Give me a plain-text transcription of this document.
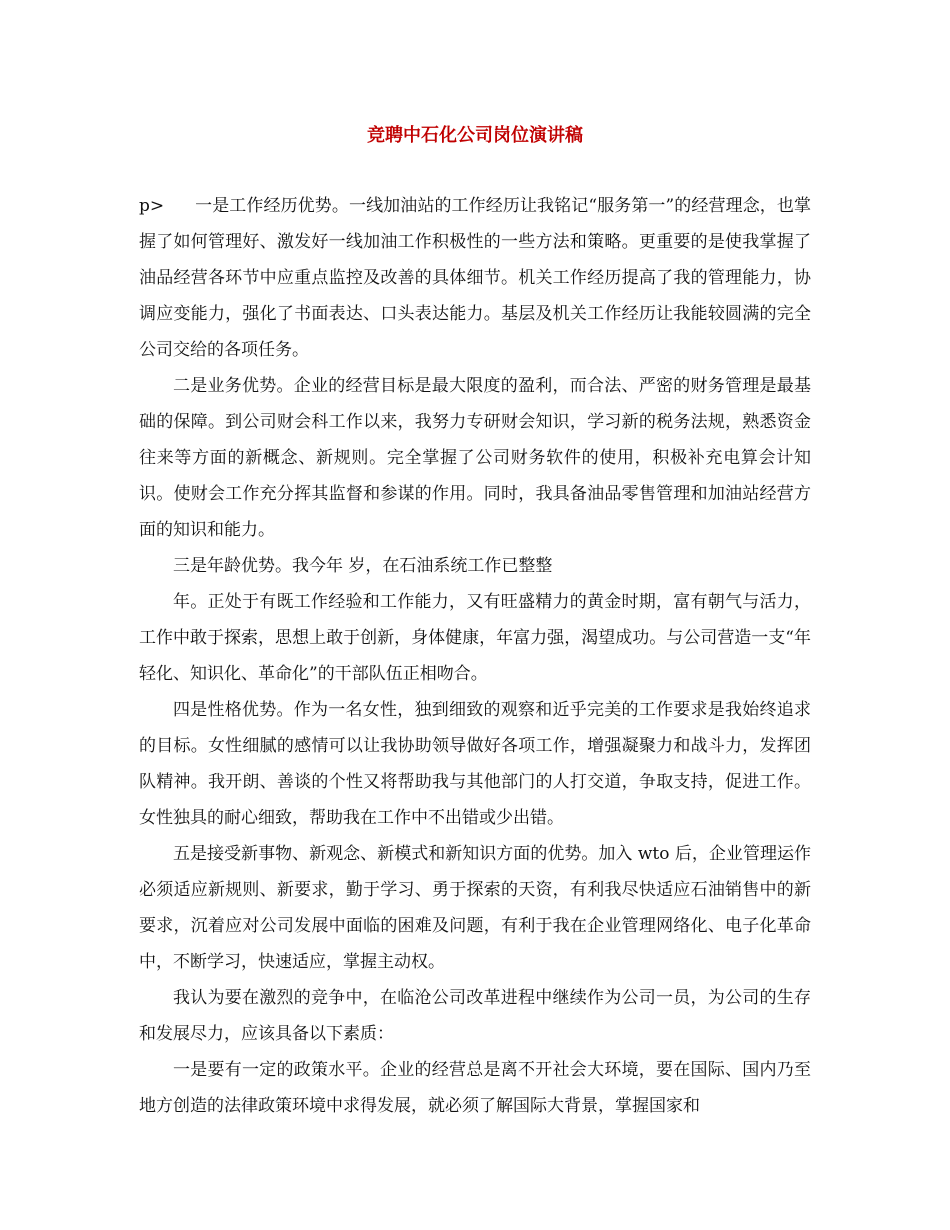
竞聘中石化公司岗位演讲稿

p> 一是工作经历优势。一线加油站的工作经历让我铭记“服务第一”的经营理念，也掌握了如何管理好、激发好一线加油工作积极性的一些方法和策略。更重要的是使我掌握了油品经营各环节中应重点监控及改善的具体细节。机关工作经历提高了我的管理能力，协调应变能力，强化了书面表达、口头表达能力。基层及机关工作经历让我能较圆满的完全公司交给的各项任务。

二是业务优势。企业的经营目标是最大限度的盈利，而合法、严密的财务管理是最基础的保障。到公司财会科工作以来，我努力专研财会知识，学习新的税务法规，熟悉资金往来等方面的新概念、新规则。完全掌握了公司财务软件的使用，积极补充电算会计知识。使财会工作充分挥其监督和参谋的作用。同时，我具备油品零售管理和加油站经营方面的知识和能力。

三是年龄优势。我今年 岁，在石油系统工作已整整

年。正处于有既工作经验和工作能力，又有旺盛精力的黄金时期，富有朝气与活力，工作中敢于探索，思想上敢于创新，身体健康，年富力强，渴望成功。与公司营造一支“年轻化、知识化、革命化”的干部队伍正相吻合。

四是性格优势。作为一名女性，独到细致的观察和近乎完美的工作要求是我始终追求的目标。女性细腻的感情可以让我协助领导做好各项工作，增强凝聚力和战斗力，发挥团队精神。我开朗、善谈的个性又将帮助我与其他部门的人打交道，争取支持，促进工作。女性独具的耐心细致，帮助我在工作中不出错或少出错。

五是接受新事物、新观念、新模式和新知识方面的优势。加入 wto 后，企业管理运作必须适应新规则、新要求，勤于学习、勇于探索的天资，有利我尽快适应石油销售中的新要求，沉着应对公司发展中面临的困难及问题，有利于我在企业管理网络化、电子化革命中，不断学习，快速适应，掌握主动权。

我认为要在激烈的竞争中，在临沧公司改革进程中继续作为公司一员，为公司的生存和发展尽力，应该具备以下素质：

一是要有一定的政策水平。企业的经营总是离不开社会大环境，要在国际、国内乃至地方创造的法律政策环境中求得发展，就必须了解国际大背景，掌握国家和
